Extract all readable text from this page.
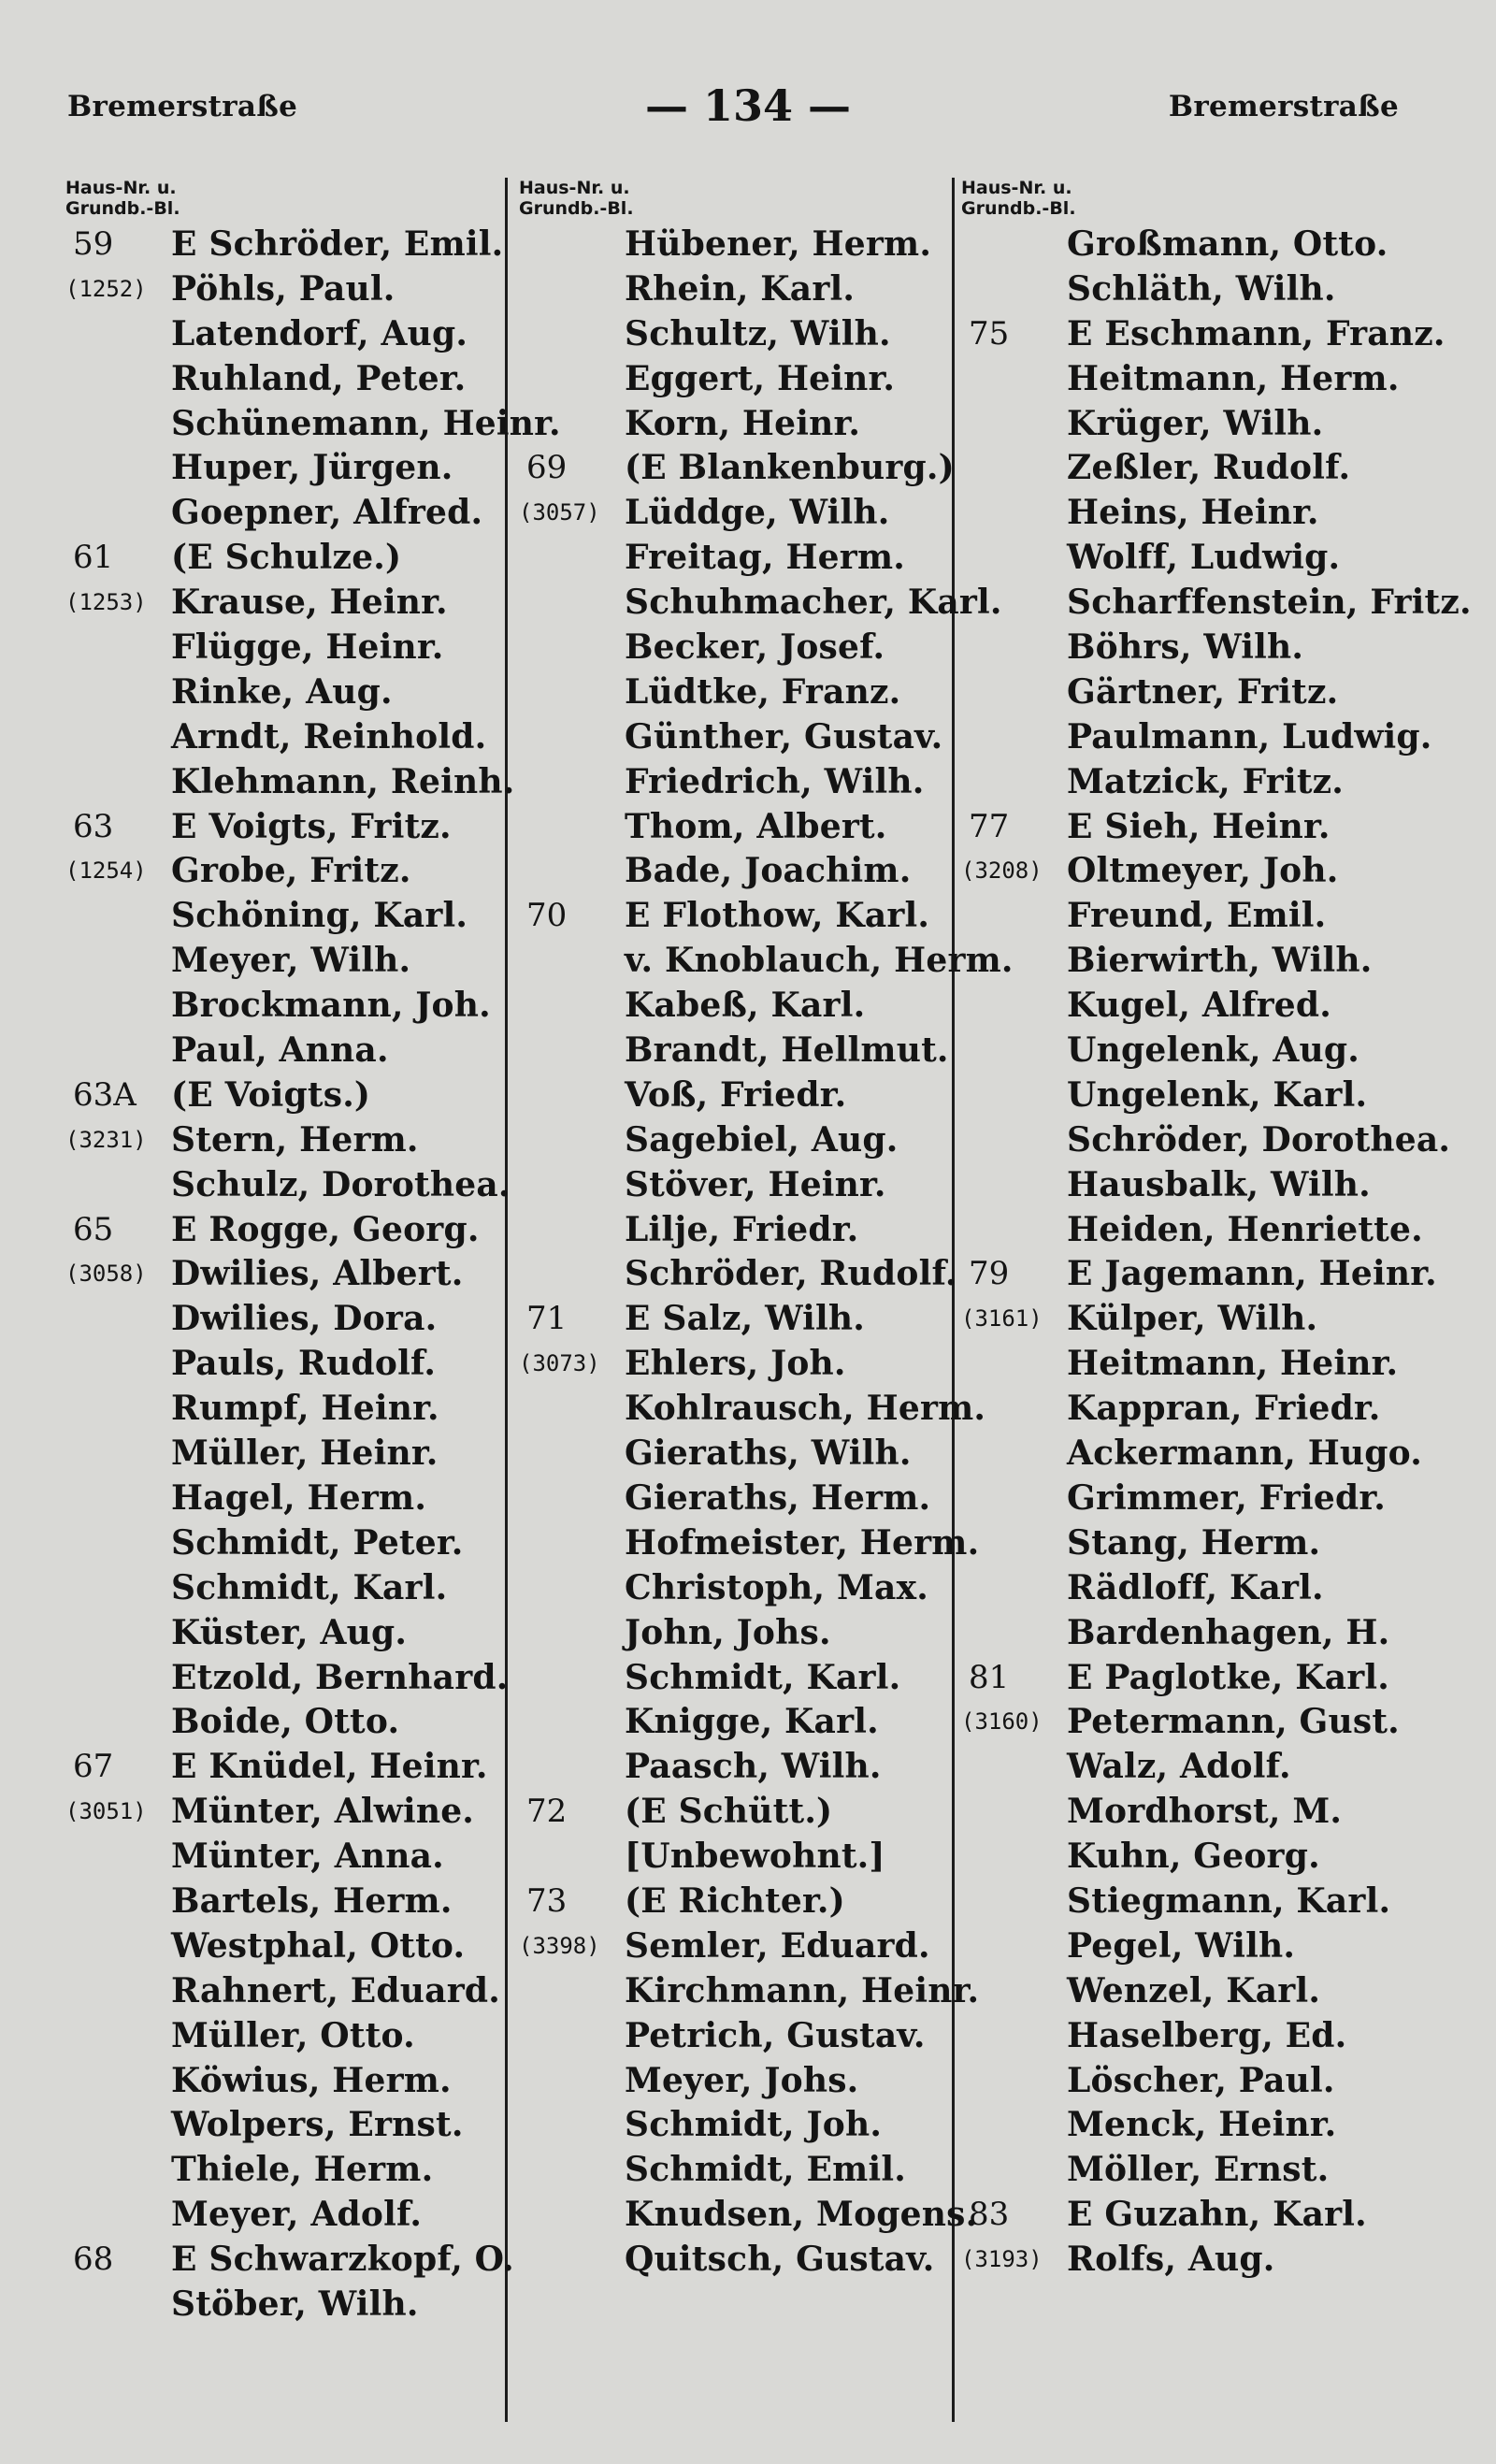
Bremerstraße	— 134 —	Bremerstraße
Haus-Nr. u.
Grundb.-Bl.
59 E Schröder, Emil.
(1252) Pöhls, Paul.
Latendorf, Aug.
Ruhland, Peter.
Schünemann, Heinr.
Huper, Jürgen.
Goepner, Alfred.
61 (E Schulze.)
(1253) Krause, Heinr.
Flügge, Heinr.
Rinke, Aug.
Arndt, Reinhold.
Klehmann, Reinh.
63 E Voigts, Fritz.
(1254) Grobe, Fritz.
Schöning, Karl.
Meyer, Wilh.
Brockmann, Joh.
Paul, Anna.
63A (E Voigts.)
(3231) Stern, Herm.
Schulz, Dorothea.
65 E Rogge, Georg.
(3058) Dwilies, Albert.
Dwilies, Dora.
Pauls, Rudolf.
Rumpf, Heinr.
Müller, Heinr.
Hagel, Herm.
Schmidt, Peter.
Schmidt, Karl.
Küster, Aug.
Etzold, Bernhard.
Boide, Otto.
67 E Knüdel, Heinr.
(3051) Münter, Alwine.
Münter, Anna.
Bartels, Herm.
Westphal, Otto.
Rahnert, Eduard.
Müller, Otto.
Köwius, Herm.
Wolpers, Ernst.
Thiele, Herm.
Meyer, Adolf.
68 E Schwarzkopf, O.
Stöber, Wilh.
Haus-Nr. u.
Grundb.-Bl.
Hübener, Herm.
Rhein, Karl.
Schultz, Wilh.
Eggert, Heinr.
Korn, Heinr.
69 (E Blankenburg.)
(3057) Lüddge, Wilh.
Freitag, Herm.
Schuhmacher, Karl.
Becker, Josef.
Lüdtke, Franz.
Günther, Gustav.
Friedrich, Wilh.
Thom, Albert.
Bade, Joachim.
70 E Flothow, Karl.
v. Knoblauch, Herm.
Kabeß, Karl.
Brandt, Hellmut.
Voß, Friedr.
Sagebiel, Aug.
Stöver, Heinr.
Lilje, Friedr.
Schröder, Rudolf.
71 E Salz, Wilh.
(3073) Ehlers, Joh.
Kohlrausch, Herm.
Gieraths, Wilh.
Gieraths, Herm.
Hofmeister, Herm.
Christoph, Max.
John, Johs.
Schmidt, Karl.
Knigge, Karl.
Paasch, Wilh.
72 (E Schütt.)
[Unbewohnt.]
73 (E Richter.)
(3398) Semler, Eduard.
Kirchmann, Heinr.
Petrich, Gustav.
Meyer, Johs.
Schmidt, Joh.
Schmidt, Emil.
Knudsen, Mogens.
Quitsch, Gustav.
Haus-Nr. u.
Grundb.-Bl.
Großmann, Otto.
Schläth, Wilh.
75 E Eschmann, Franz.
Heitmann, Herm.
Krüger, Wilh.
Zeßler, Rudolf.
Heins, Heinr.
Wolff, Ludwig.
Scharffenstein, Fritz.
Böhrs, Wilh.
Gärtner, Fritz.
Paulmann, Ludwig.
Matzick, Fritz.
77 E Sieh, Heinr.
(3208) Oltmeyer, Joh.
Freund, Emil.
Bierwirth, Wilh.
Kugel, Alfred.
Ungelenk, Aug.
Ungelenk, Karl.
Schröder, Dorothea.
Hausbalk, Wilh.
Heiden, Henriette.
79 E Jagemann, Heinr.
(3161) Külper, Wilh.
Heitmann, Heinr.
Kappran, Friedr.
Ackermann, Hugo.
Grimmer, Friedr.
Stang, Herm.
Rädloff, Karl.
Bardenhagen, H.
81 E Paglotke, Karl.
(3160) Petermann, Gust.
Walz, Adolf.
Mordhorst, M.
Kuhn, Georg.
Stiegmann, Karl.
Pegel, Wilh.
Wenzel, Karl.
Haselberg, Ed.
Löscher, Paul.
Menck, Heinr.
Möller, Ernst.
83 E Guzahn, Karl.
(3193) Rolfs, Aug.
